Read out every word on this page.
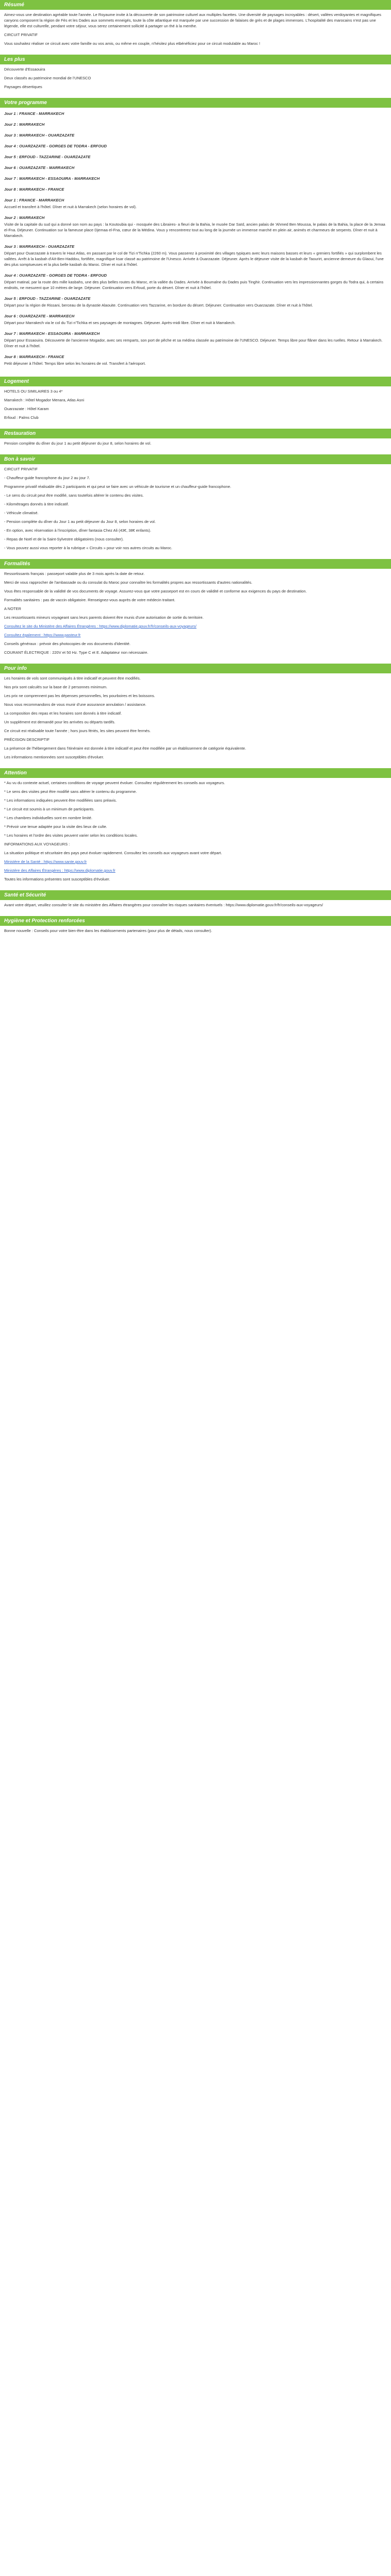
Résumé

Aimez-vous une destination agréable toute l'année. Le Royaume invite à la découverte de son patrimoine culturel aux multiples facettes. Une diversité de paysages incroyables : désert, vallées verdoyantes et magnifiques canyons composent la région de Fès et les Dades aux sommets enneigés, toute la côte atlantique est marquée par une succession de falaises de grès et de plages immenses. L'hospitalité des marocains n'est pas une légende, elle est culturelle, pendant votre séjour, vous serez certainement sollicité à partager un thé à la menthe.

CIRCUIT PRIVATIF

Vous souhaitez réaliser ce circuit avec votre famille ou vos amis, ou même en couple, n'hésitez plus etbénéficiez pour ce circuit modulable au Maroc !

Les plus

Découverte d'Essaouira

Deux classés au patrimoine mondial de l'UNESCO

Paysages désertiques

Votre programme
Jour 1 : FRANCE - MARRAKECH
Jour 2 : MARRAKECH
Jour 3 : MARRAKECH - OUARZAZATE
Jour 4 : OUARZAZATE - GORGES DE TODRA - ERFOUD
Jour 5 : ERFOUD - TAZZARINE - OUARZAZATE
Jour 6 : OUARZAZATE - MARRAKECH
Jour 7 : MARRAKECH - ESSAOUIRA - MARRAKECH
Jour 8 : MARRAKECH - FRANCE
Jour 1 : FRANCE - MARRAKECH

Accueil et transfert à l'hôtel. Dîner et nuit à Marrakech (selon horaires de vol).

Jour 2 : MARRAKECH

Visite de la capitale du sud qui a donné son nom au pays : la Koutoubia qui - mosquée des Libraires- a fleuri de la Bahia, le musée Dar Saïd, ancien palais de 'Ahmed Ben Moussa, le palais de la Bahia, la place de la Jemaa el-Fna. Déjeuner. Continuation sur la fameuse place Djemaa el-Fna, cœur de la Médina. Vous y rencontrerez tout au long de la journée un immense marché en plein air, animés et charmeurs de serpents. Dîner et nuit à Marrakech.

Jour 3 : MARRAKECH - OUARZAZATE

Départ pour Ouarzazate à travers le Haut Atlas, en passant par le col de Tizi n'Tichka (2260 m). Vous passerez à proximité des villages typiques avec leurs maisons basses et leurs « greniers fortifiés » qui surplombent les vallées. Arrêt à la kasbah d'Aït-Ben-Haddou, fortifiée, magnifique ksar classé au patrimoine de l'Unesco. Arrivée à Ouarzazate. Déjeuner. Après le déjeuner visite de la kasbah de Taourirt, ancienne demeure du Glaoui, l'une des plus somptueuses et la plus belle kasbah du Maroc. Dîner et nuit à l'hôtel.

Jour 4 : OUARZAZATE - GORGES DE TODRA - ERFOUD

Départ matinal, par la route des mille kasbahs, une des plus belles routes du Maroc, et la vallée du Dades. Arrivée à Boumalne du Dades puis Tinghir. Continuation vers les impressionnantes gorges du Todra qui, à certains endroits, ne mesurent que 10 mètres de large. Déjeuner. Continuation vers Erfoud, porte du désert. Dîner et nuit à l'hôtel.

Jour 5 : ERFOUD - TAZZARINE - OUARZAZATE

Départ pour la région de Rissani, berceau de la dynastie Alaouite. Continuation vers Tazzarine, en bordure du désert. Déjeuner. Continuation vers Ouarzazate. Dîner et nuit à l'hôtel.

Jour 6 : OUARZAZATE - MARRAKECH

Départ pour Marrakech via le col du Tizi n'Tichka et ses paysages de montagnes. Déjeuner. Après-midi libre. Dîner et nuit à Marrakech.

Jour 7 : MARRAKECH - ESSAOUIRA - MARRAKECH

Départ pour Essaouira. Découverte de l'ancienne Mogador, avec ses remparts, son port de pêche et sa médina classée au patrimoine de l'UNESCO. Déjeuner. Temps libre pour flâner dans les ruelles. Retour à Marrakech. Dîner et nuit à l'hôtel.

Jour 8 : MARRAKECH - FRANCE

Petit déjeuner à l'hôtel. Temps libre selon les horaires de vol. Transfert à l'aéroport.

Logement

HOTELS OU SIMILAIRES 3 ou 4*

Marrakech : Hôtel Mogador Menara, Atlas Asni

Ouarzazate : Hôtel Karam

Erfoud : Palms Club

Restauration

Pension complète du dîner du jour 1 au petit déjeuner du jour 8, selon horaires de vol.

Bon à savoir

CIRCUIT PRIVATIF

- Chauffeur-guide francophone du jour 2 au jour 7.

Programme privatif réalisable dès 2 participants et qui peut se faire avec un véhicule de tourisme et un chauffeur-guide francophone.

- Le sens du circuit peut être modifié, sans toutefois altérer le contenu des visites.

- Kilométrages donnés à titre indicatif.

- Véhicule climatisé.

- Pension complète du dîner du Jour 1 au petit déjeuner du Jour 8, selon horaires de vol.

- En option, avec réservation à l'inscription, dîner fantasia Chez Ali (43€, 38€ enfants).

- Repas de Noël et de la Saint-Sylvestre obligatoires (nous consulter).

- Vous pouvez aussi vous reporter à la rubrique « Circuits » pour voir nos autres circuits au Maroc.

Formalités

Ressortissants français : passeport valable plus de 3 mois après la date de retour.

Merci de vous rapprocher de l'ambassade ou du consulat du Maroc pour connaître les formalités propres aux ressortissants d'autres nationalités.

Vous êtes responsable de la validité de vos documents de voyage. Assurez-vous que votre passeport est en cours de validité et conforme aux exigences du pays de destination.

Formalités sanitaires : pas de vaccin obligatoire. Renseignez-vous auprès de votre médecin traitant.

A NOTER

Les ressortissants mineurs voyageant sans leurs parents doivent être munis d'une autorisation de sortie du territoire.

Consultez le site du Ministère des Affaires Étrangères : https://www.diplomatie.gouv.fr/fr/conseils-aux-voyageurs/

Consultez également : https://www.pasteur.fr

Conseils généraux : prévoir des photocopies de vos documents d'identité.

COURANT ÉLECTRIQUE : 220V et 50 Hz. Type C et E. Adaptateur non nécessaire.

Pour info

Les horaires de vols sont communiqués à titre indicatif et peuvent être modifiés.

Nos prix sont calculés sur la base de 2 personnes minimum.

Les prix ne comprennent pas les dépenses personnelles, les pourboires et les boissons.

Nous vous recommandons de vous munir d'une assurance annulation / assistance.

La composition des repas et les horaires sont donnés à titre indicatif.

Un supplément est demandé pour les arrivées ou départs tardifs.

Ce circuit est réalisable toute l'année ; hors jours fériés, les sites peuvent être fermés.

PRÉCISION DESCRIPTIF

La présence de l'hébergement dans l'itinéraire est donnée à titre indicatif et peut être modifiée par un établissement de catégorie équivalente.

Les informations mentionnées sont susceptibles d'évoluer.

Attention

* Au vu du contexte actuel, certaines conditions de voyage peuvent évoluer. Consultez régulièrement les conseils aux voyageurs.

* Le sens des visites peut être modifié sans altérer le contenu du programme.

* Les informations indiquées peuvent être modifiées sans préavis.

* Le circuit est soumis à un minimum de participants.

* Les chambres individuelles sont en nombre limité.

* Prévoir une tenue adaptée pour la visite des lieux de culte.

* Les horaires et l'ordre des visites peuvent varier selon les conditions locales.

INFORMATIONS AUX VOYAGEURS :

La situation politique et sécuritaire des pays peut évoluer rapidement. Consultez les conseils aux voyageurs avant votre départ.

Ministère de la Santé : https://www.sante.gouv.fr

Ministère des Affaires Étrangères : https://www.diplomatie.gouv.fr

Toutes les informations présentes sont susceptibles d'évoluer.

Santé et Sécurité

Avant votre départ, veuillez consulter le site du ministère des Affaires étrangères pour connaître les risques sanitaires éventuels : https://www.diplomatie.gouv.fr/fr/conseils-aux-voyageurs/

Hygiène et Protection renforcées

Bonne nouvelle : Conseils pour votre bien-être dans les établissements partenaires (pour plus de détails, nous consulter).
